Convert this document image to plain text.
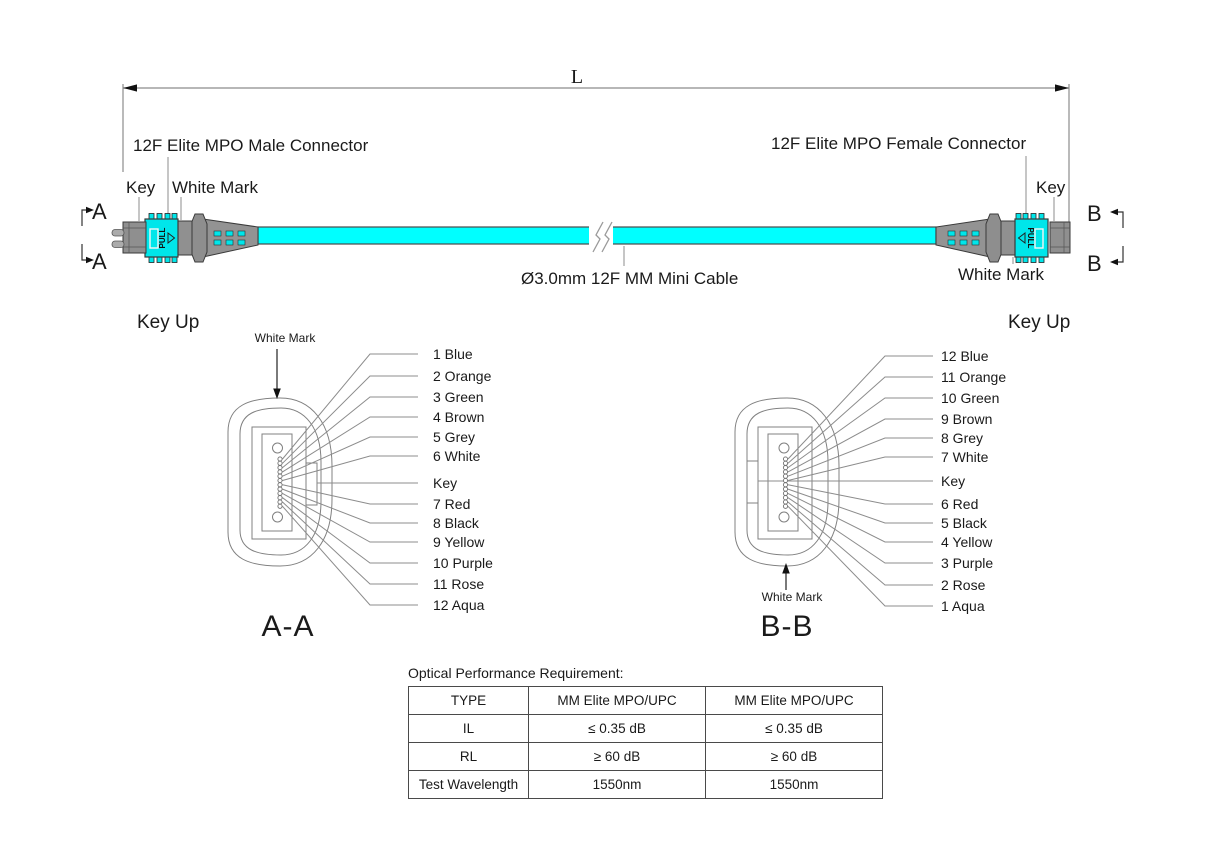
PULL	PULL
L
12F Elite MPO Male Connector	12F Elite MPO Female Connector
Key White Mark	Key
White Mark
Ø3.0mm 12F MM Mini Cable
A
A
B
B
Key Up	Key Up
White Mark
White Mark
1 Blue
2 Orange
3 Green
4 Brown
5 Grey
6 White
Key
7 Red
8 Black
9 Yellow
10 Purple
11 Rose
12 Aqua
12 Blue
11 Orange
10 Green
9 Brown
8 Grey
7 White
Key
6 Red
5 Black
4 Yellow
3 Purple
2 Rose
1 Aqua
A-A	B-B
Optical Performance Requirement:
TYPE	MM Elite MPO/UPC	MM Elite MPO/UPC
IL	≤ 0.35 dB	≤ 0.35 dB
RL	≥ 60 dB	≥ 60 dB
Test Wavelength	1550nm	1550nm
